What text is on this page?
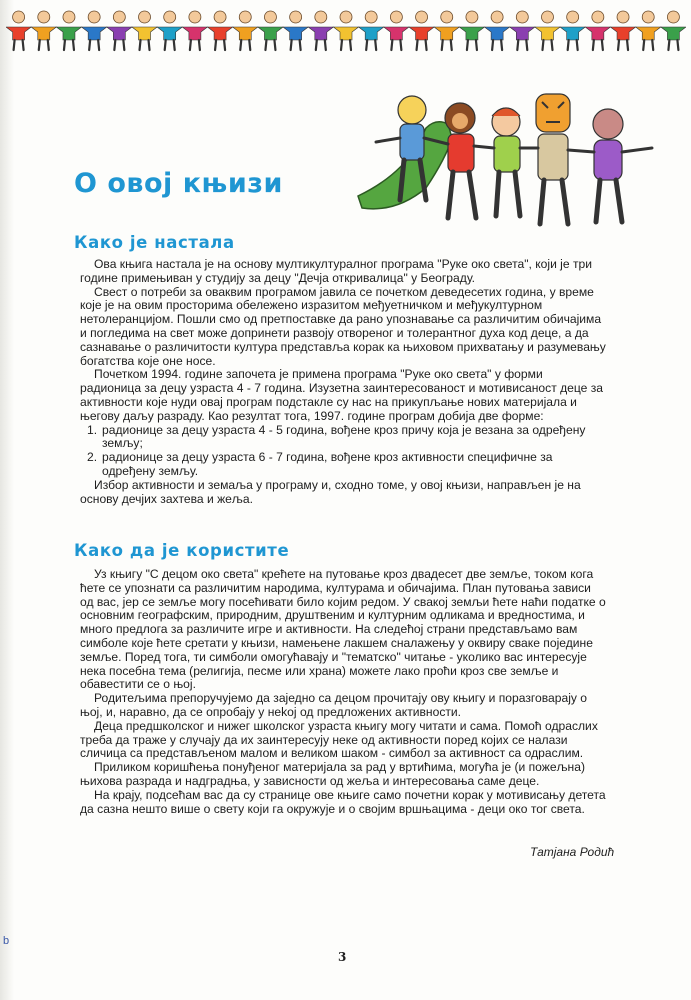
О овој књизи
Како је настала

Ова књига настала је на основу мултикултуралног програма "Руке око света", који је три године примењиван у студију за децу "Дечја откривалица" у Београду.

Свест о потреби за оваквим програмом јавила се почетком деведесетих година, у време које је на овим просторима обележено изразитом међуетничком и међукултурном нетолеранцијом. Пошли смо од претпоставке да рано упознавање са различитим обичајима и погледима на свет може допринети развоју отвореног и толерантног духа код деце, а да сазнавање о различитости култура представља корак ка њиховом прихватању и разумевању богатства које оне носе.

Почетком 1994. године започета је примена програма "Руке око света" у форми радионица за децу узраста 4 - 7 година. Изузетна заинтересованост и мотивисаност деце за активности које нуди овај програм подстакле су нас на прикупљање нових материјала и његову даљу разраду. Као резултат тога, 1997. године програм добија две форме:

1. радионице за децу узраста 4 - 5 година, вођене кроз причу која је везана за одређену земљу;
2. радионице за децу узраста 6 - 7 година, вођене кроз активности специфичне за одређену земљу.

Избор активности и земаља у програму и, сходно томе, у овој књизи, направљен је на основу дечјих захтева и жеља.

Како да је користите

Уз књигу "С децом око света" крећете на путовање кроз двадесет две земље, током кога ћете се упознати са различитим народима, културама и обичајима. План путовања зависи од вас, јер се земље могу посећивати било којим редом. У свакој земљи ћете наћи податке о основним географским, природним, друштвеним и културним одликама и вредностима, и много предлога за различите игре и активности. На следећој страни представљамо вам симболе које ћете сретати у књизи, намењене лакшем сналажењу у оквиру сваке појединe земље. Поред тога, ти симболи омогућавају и "тематско" читање - уколико вас интересује нека посебна тема (религија, песме или храна) можете лако проћи кроз све земље и обавестити се о њој.

Родитељима препоручујемо да заједно са децом прочитају ову књигу и поразговарају о њој, и, наравно, да се опробају у неkoj од предложених активности.

Деца предшколског и нижег школског узраста књигу могу читати и сама. Помоћ одраслих треба да траже у случају да их заинтересују неке од активности поред којих се налази сличица са представљеном малом и великом шаком - симбол за активност са одраслим.

Приликом коришћења понуђеног материјала за рад у вртићима, могућа је (и пожељна) њихова разрада и надградња, у зависности од жеља и интересовања саме деце.

На крају, подсећам вас да су странице ове књиге само почетни корак у мотивисању детета да сазна нешто више о свету који га окружује и о својим вршњацима - деци око тог света.

Татјана Родић
3
b
